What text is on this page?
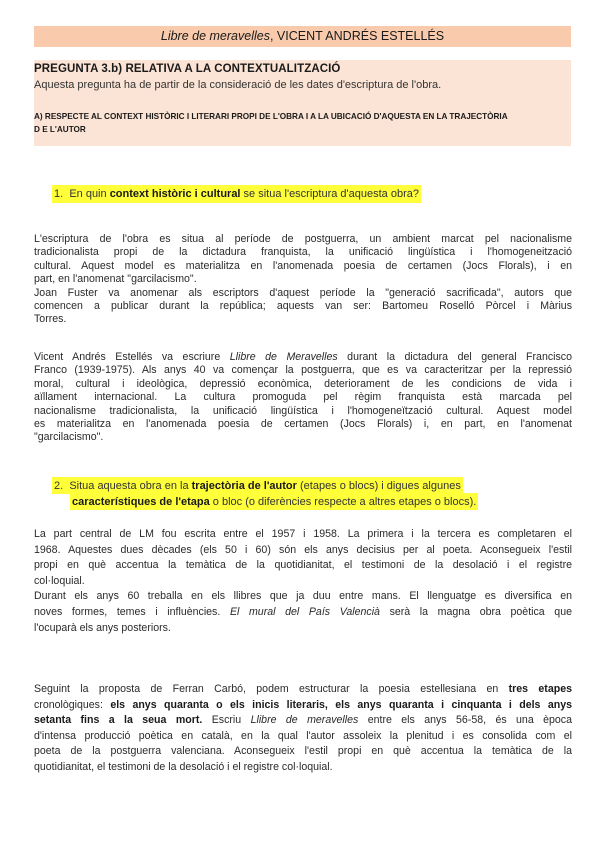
Libre de meravelles, VICENT ANDRÉS ESTELLÉS
PREGUNTA 3.b) RELATIVA A LA CONTEXTUALITZACIÓ
Aquesta pregunta ha de partir de la consideració de les dates d'escriptura de l'obra.
A) RESPECTE AL CONTEXT HISTÒRIC I LITERARI PROPI DE L'OBRA I A LA UBICACIÓ D'AQUESTA EN LA TRAJECTÒRIA
D E L'AUTOR
1. En quin context històric i cultural se situa l'escriptura d'aquesta obra?
L'escriptura de l'obra es situa al període de postguerra, un ambient marcat pel nacionalisme
tradicionalista propi de la dictadura franquista, la unificació lingüística i l'homogeneització
cultural. Aquest model es materialitza en l'anomenada poesia de certamen (Jocs Florals), i en
part, en l'anomenat "garcilacismo".
Joan Fuster va anomenar als escriptors d'aquest període la "generació sacrificada", autors que
comencen a publicar durant la república; aquests van ser: Bartomeu Roselló Pòrcel i Màrius
Torres.
Vicent Andrés Estellés va escriure Llibre de Meravelles durant la dictadura del general Francisco
Franco (1939-1975). Als anys 40 va començar la postguerra, que es va caracteritzar per la repressió
moral, cultural i ideològica, depressió econòmica, deteriorament de les condicions de vida i
aïllament internacional. La cultura promoguda pel règim franquista està marcada pel
nacionalisme tradicionalista, la unificació lingüística i l'homogeneïtzació cultural. Aquest model
es materialitza en l'anomenada poesia de certamen (Jocs Florals) i, en part, en l'anomenat
"garcilacismo".
2. Situa aquesta obra en la trajectòria de l'autor (etapes o blocs) i digues algunes
característiques de l'etapa o bloc (o diferències respecte a altres etapes o blocs).
La part central de LM fou escrita entre el 1957 i 1958. La primera i la tercera es completaren el
1968. Aquestes dues dècades (els 50 i 60) són els anys decisius per al poeta. Aconsegueix l'estil
propi en què accentua la temàtica de la quotidianitat, el testimoni de la desolació i el registre
col·loquial.
Durant els anys 60 treballa en els llibres que ja duu entre mans. El llenguatge es diversifica en
noves formes, temes i influències. El mural del País Valencià serà la magna obra poètica que
l'ocuparà els anys posteriors.
Seguint la proposta de Ferran Carbó, podem estructurar la poesia estellesiana en tres etapes
cronològiques: els anys quaranta o els inicis literaris, els anys quaranta i cinquanta i dels anys
setanta fins a la seua mort. Escriu Llibre de meravelles entre els anys 56-58, és una època
d'intensa producció poètica en català, en la qual l'autor assoleix la plenitud i es consolida com el
poeta de la postguerra valenciana. Aconsegueix l'estil propi en què accentua la temàtica de la
quotidianitat, el testimoni de la desolació i el registre col·loquial.
